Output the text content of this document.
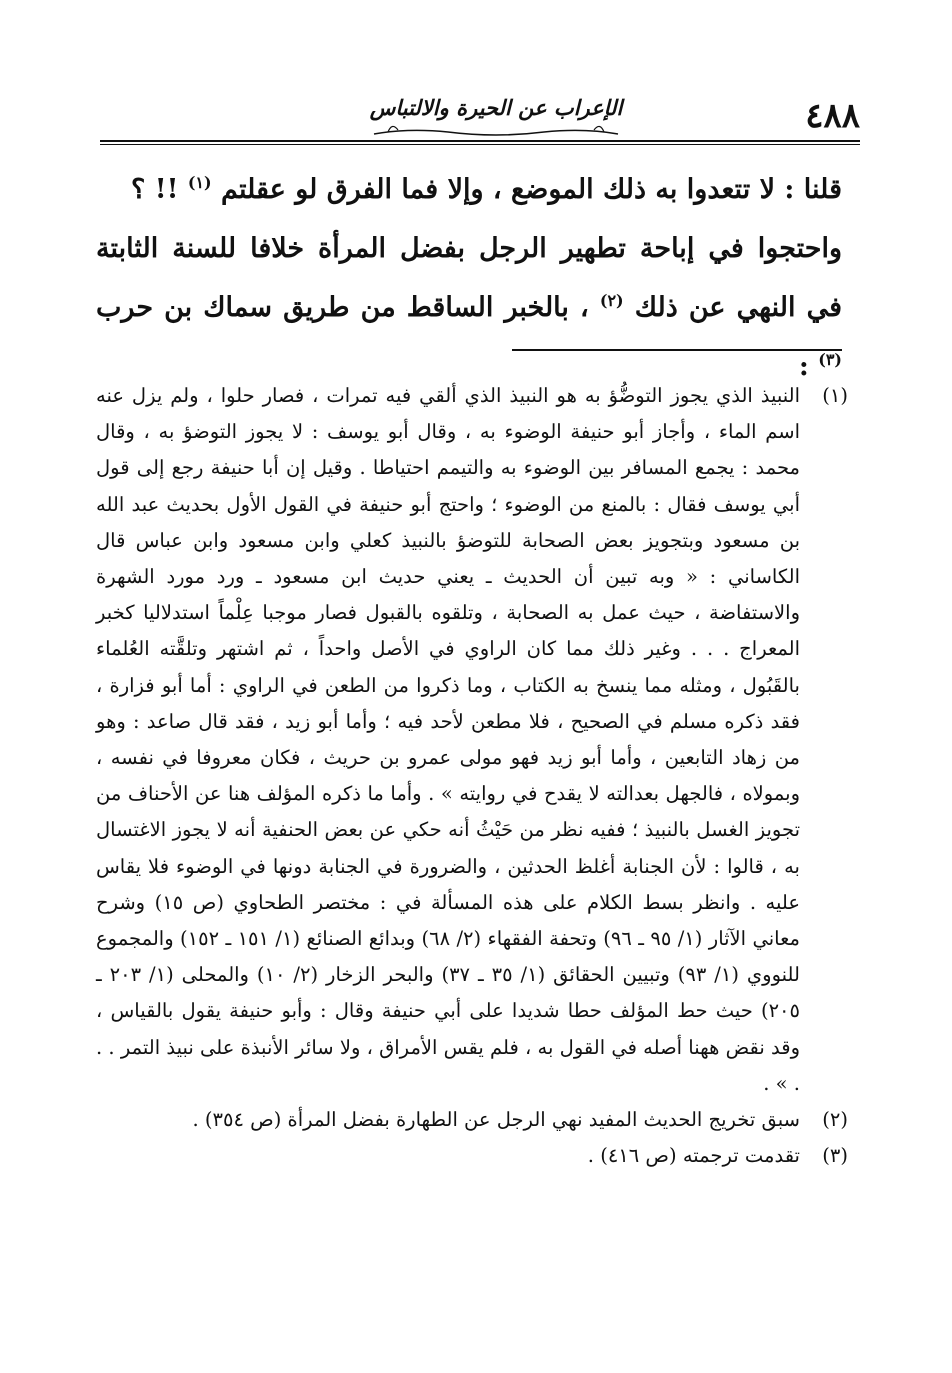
٤٨٨
الإعراب عن الحيرة والالتباس

قلنا : لا تتعدوا به ذلك الموضع ، وإلا فما الفرق لو عقلتم $^{(١)}$ !! ؟

واحتجوا في إباحة تطهير الرجل بفضل المرأة خلافا للسنة الثابتة في النهي عن ذلك $^{(٢)}$ ، بالخبر الساقط من طريق سماك بن حرب $^{(٣)}$ :

(١)

النبيذ الذي يجوز التوضُّؤ به هو النبيذ الذي ألقي فيه تمرات ، فصار حلوا ، ولم يزل عنه اسم الماء ، وأجاز أبو حنيفة الوضوء به ، وقال أبو يوسف : لا يجوز التوضؤ به ، وقال محمد : يجمع المسافر بين الوضوء به والتيمم احتياطا . وقيل إن أبا حنيفة رجع إلى قول أبي يوسف فقال : بالمنع من الوضوء ؛ واحتج أبو حنيفة في القول الأول بحديث عبد الله بن مسعود وبتجويز بعض الصحابة للتوضؤ بالنبيذ كعلي وابن مسعود وابن عباس قال الكاساني : « وبه تبين أن الحديث ـ يعني حديث ابن مسعود ـ ورد مورد الشهرة والاستفاضة ، حيث عمل به الصحابة ، وتلقوه بالقبول فصار موجبا عِلْماً استدلاليا كخبر المعراج . . . وغير ذلك مما كان الراوي في الأصل واحداً ، ثم اشتهر وتلقَّته العُلماء بالقَبُول ، ومثله مما ينسخ به الكتاب ، وما ذكروا من الطعن في الراوي : أما أبو فزارة ، فقد ذكره مسلم في الصحيح ، فلا مطعن لأحد فيه ؛ وأما أبو زيد ، فقد قال صاعد : وهو من زهاد التابعين ، وأما أبو زيد فهو مولى عمرو بن حريث ، فكان معروفا في نفسه ، وبمولاه ، فالجهل بعدالته لا يقدح في روايته » . وأما ما ذكره المؤلف هنا عن الأحناف من تجويز الغسل بالنبيذ ؛ ففيه نظر من حَيْثُ أنه حكي عن بعض الحنفية أنه لا يجوز الاغتسال به ، قالوا : لأن الجنابة أغلظ الحدثين ، والضرورة في الجنابة دونها في الوضوء فلا يقاس عليه . وانظر بسط الكلام على هذه المسألة في : مختصر الطحاوي (ص ١٥) وشرح معاني الآثار (١/ ٩٥ ـ ٩٦) وتحفة الفقهاء (٢/ ٦٨) وبدائع الصنائع (١/ ١٥١ ـ ١٥٢) والمجموع للنووي (١/ ٩٣) وتبيين الحقائق (١/ ٣٥ ـ ٣٧) والبحر الزخار (٢/ ١٠) والمحلى (١/ ٢٠٣ ـ ٢٠٥) حيث حط المؤلف حطا شديدا على أبي حنيفة وقال : وأبو حنيفة يقول بالقياس ، وقد نقض ههنا أصله في القول به ، فلم يقس الأمراق ، ولا سائر الأنبذة على نبيذ التمر . . . » .

(٢)

سبق تخريج الحديث المفيد نهي الرجل عن الطهارة بفضل المرأة (ص ٣٥٤) .

(٣)

تقدمت ترجمته (ص ٤١٦) .
